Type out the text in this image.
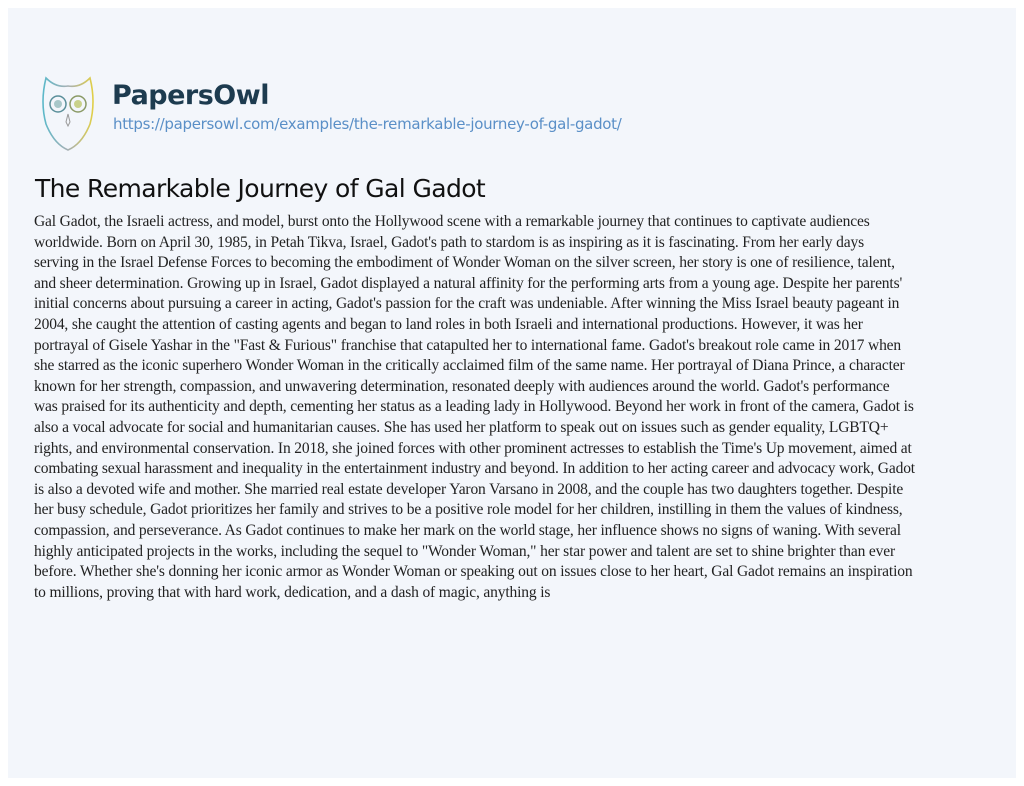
PapersOwl
https://papersowl.com/examples/the-remarkable-journey-of-gal-gadot/
The Remarkable Journey of Gal Gadot
Gal Gadot, the Israeli actress, and model, burst onto the Hollywood scene with a remarkable journey that continues to captivate audiences
worldwide. Born on April 30, 1985, in Petah Tikva, Israel, Gadot's path to stardom is as inspiring as it is fascinating. From her early days
serving in the Israel Defense Forces to becoming the embodiment of Wonder Woman on the silver screen, her story is one of resilience, talent,
and sheer determination. Growing up in Israel, Gadot displayed a natural affinity for the performing arts from a young age. Despite her parents'
initial concerns about pursuing a career in acting, Gadot's passion for the craft was undeniable. After winning the Miss Israel beauty pageant in
2004, she caught the attention of casting agents and began to land roles in both Israeli and international productions. However, it was her
portrayal of Gisele Yashar in the "Fast & Furious" franchise that catapulted her to international fame. Gadot's breakout role came in 2017 when
she starred as the iconic superhero Wonder Woman in the critically acclaimed film of the same name. Her portrayal of Diana Prince, a character
known for her strength, compassion, and unwavering determination, resonated deeply with audiences around the world. Gadot's performance
was praised for its authenticity and depth, cementing her status as a leading lady in Hollywood. Beyond her work in front of the camera, Gadot is
also a vocal advocate for social and humanitarian causes. She has used her platform to speak out on issues such as gender equality, LGBTQ+
rights, and environmental conservation. In 2018, she joined forces with other prominent actresses to establish the Time's Up movement, aimed at
combating sexual harassment and inequality in the entertainment industry and beyond. In addition to her acting career and advocacy work, Gadot
is also a devoted wife and mother. She married real estate developer Yaron Varsano in 2008, and the couple has two daughters together. Despite
her busy schedule, Gadot prioritizes her family and strives to be a positive role model for her children, instilling in them the values of kindness,
compassion, and perseverance. As Gadot continues to make her mark on the world stage, her influence shows no signs of waning. With several
highly anticipated projects in the works, including the sequel to "Wonder Woman," her star power and talent are set to shine brighter than ever
before. Whether she's donning her iconic armor as Wonder Woman or speaking out on issues close to her heart, Gal Gadot remains an inspiration
to millions, proving that with hard work, dedication, and a dash of magic, anything is
